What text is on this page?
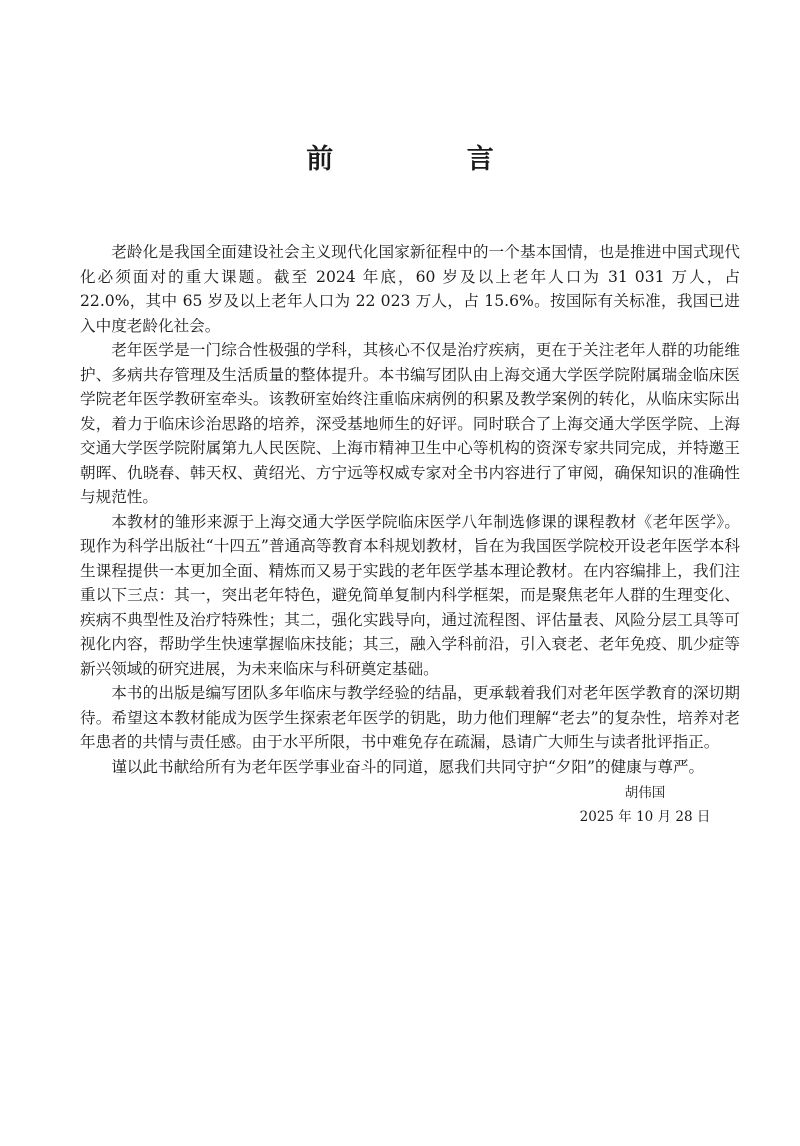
前 言

老龄化是我国全面建设社会主义现代化国家新征程中的一个基本国情，也是推进中国式现代化必须面对的重大课题。截至 2024 年底，60 岁及以上老年人口为 31 031 万人，占 22.0%，其中 65 岁及以上老年人口为 22 023 万人，占 15.6%。按国际有关标准，我国已进入中度老龄化社会。

老年医学是一门综合性极强的学科，其核心不仅是治疗疾病，更在于关注老年人群的功能维护、多病共存管理及生活质量的整体提升。本书编写团队由上海交通大学医学院附属瑞金临床医学院老年医学教研室牵头。该教研室始终注重临床病例的积累及教学案例的转化，从临床实际出发，着力于临床诊治思路的培养，深受基地师生的好评。同时联合了上海交通大学医学院、上海交通大学医学院附属第九人民医院、上海市精神卫生中心等机构的资深专家共同完成，并特邀王朝晖、仇晓春、韩天权、黄绍光、方宁远等权威专家对全书内容进行了审阅，确保知识的准确性与规范性。

本教材的雏形来源于上海交通大学医学院临床医学八年制选修课的课程教材《老年医学》。现作为科学出版社“十四五”普通高等教育本科规划教材，旨在为我国医学院校开设老年医学本科生课程提供一本更加全面、精炼而又易于实践的老年医学基本理论教材。在内容编排上，我们注重以下三点：其一，突出老年特色，避免简单复制内科学框架，而是聚焦老年人群的生理变化、疾病不典型性及治疗特殊性；其二，强化实践导向，通过流程图、评估量表、风险分层工具等可视化内容，帮助学生快速掌握临床技能；其三，融入学科前沿，引入衰老、老年免疫、肌少症等新兴领域的研究进展，为未来临床与科研奠定基础。

本书的出版是编写团队多年临床与教学经验的结晶，更承载着我们对老年医学教育的深切期待。希望这本教材能成为医学生探索老年医学的钥匙，助力他们理解“老去”的复杂性，培养对老年患者的共情与责任感。由于水平所限，书中难免存在疏漏，恳请广大师生与读者批评指正。

谨以此书献给所有为老年医学事业奋斗的同道，愿我们共同守护“夕阳”的健康与尊严。

胡伟国
2025 年 10 月 28 日
